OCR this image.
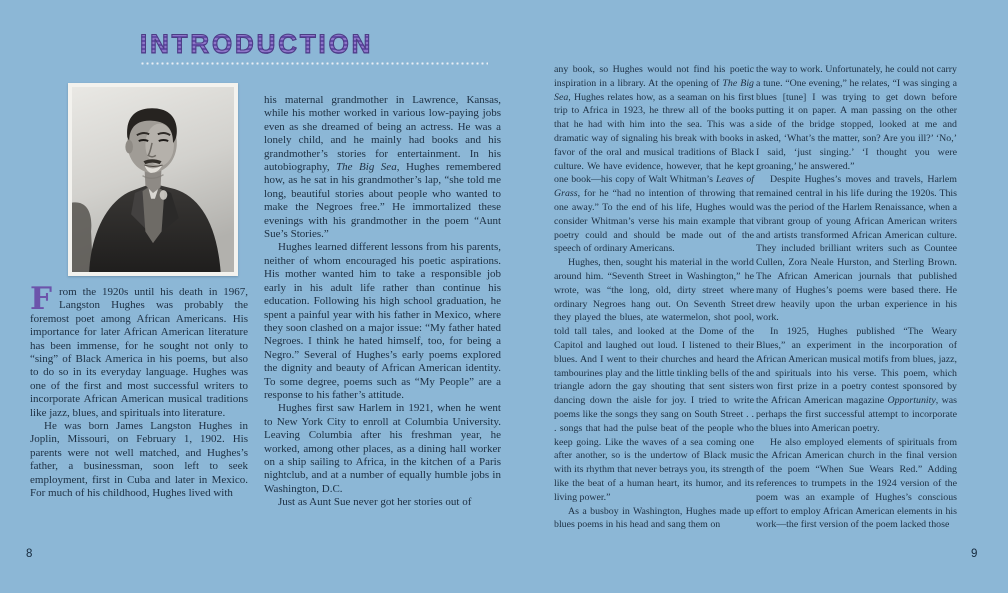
INTRODUCTION

From the 1920s until his death in 1967, Langston Hughes was probably the foremost poet among African Americans. His importance for later African American literature has been immense, for he sought not only to “sing” of Black America in his poems, but also to do so in its everyday language. Hughes was one of the first and most successful writers to incorporate African American musical traditions like jazz, blues, and spirituals into literature.

He was born James Langston Hughes in Joplin, Missouri, on February 1, 1902. His parents were not well matched, and Hughes’s father, a businessman, soon left to seek employment, first in Cuba and later in Mexico. For much of his childhood, Hughes lived with

his maternal grandmother in Lawrence, Kansas, while his mother worked in various low-paying jobs even as she dreamed of being an actress. He was a lonely child, and he mainly had books and his grandmother’s stories for entertainment. In his autobiography, The Big Sea, Hughes remembered how, as he sat in his grandmother’s lap, “she told me long, beautiful stories about people who wanted to make the Negroes free.” He immortalized these evenings with his grandmother in the poem “Aunt Sue’s Stories.”

Hughes learned different lessons from his parents, neither of whom encouraged his poetic aspirations. His mother wanted him to take a responsible job early in his adult life rather than continue his education. Following his high school graduation, he spent a painful year with his father in Mexico, where they soon clashed on a major issue: “My father hated Negroes. I think he hated himself, too, for being a Negro.” Several of Hughes’s early poems explored the dignity and beauty of African American identity. To some degree, poems such as “My People” are a response to his father’s attitude.

Hughes first saw Harlem in 1921, when he went to New York City to enroll at Columbia University. Leaving Columbia after his freshman year, he worked, among other places, as a dining hall worker on a ship sailing to Africa, in the kitchen of a Paris nightclub, and at a number of equally humble jobs in Washington, D.C.

Just as Aunt Sue never got her stories out of

any book, so Hughes would not find his poetic inspiration in a library. At the opening of The Big Sea, Hughes relates how, as a seaman on his first trip to Africa in 1923, he threw all of the books that he had with him into the sea. This was a dramatic way of signaling his break with books in favor of the oral and musical traditions of Black culture. We have evidence, however, that he kept one book—his copy of Walt Whitman’s Leaves of Grass, for he “had no intention of throwing that one away.” To the end of his life, Hughes would consider Whitman’s verse his main example that poetry could and should be made out of the speech of ordinary Americans.

Hughes, then, sought his material in the world around him. “Seventh Street in Washington,” he wrote, was “the long, old, dirty street where ordinary Negroes hang out. On Seventh Street they played the blues, ate watermelon, shot pool, told tall tales, and looked at the Dome of the Capitol and laughed out loud. I listened to their blues. And I went to their churches and heard the tambourines play and the little tinkling bells of the triangle adorn the gay shouting that sent sisters dancing down the aisle for joy. I tried to write poems like the songs they sang on South Street . . . songs that had the pulse beat of the people who keep going. Like the waves of a sea coming one after another, so is the undertow of Black music with its rhythm that never betrays you, its strength like the beat of a human heart, its humor, and its living power.”

As a busboy in Washington, Hughes made up blues poems in his head and sang them on

the way to work. Unfortunately, he could not carry a tune. “One evening,” he relates, “I was singing a blues [tune] I was trying to get down before putting it on paper. A man passing on the other side of the bridge stopped, looked at me and asked, ‘What’s the matter, son? Are you ill?’ ‘No,’ I said, ‘just singing.’ ‘I thought you were groaning,’ he answered.”

Despite Hughes’s moves and travels, Harlem remained central in his life during the 1920s. This was the period of the Harlem Renaissance, when a vibrant group of young African American writers and artists transformed African American culture. They included brilliant writers such as Countee Cullen, Zora Neale Hurston, and Sterling Brown. The African American journals that published many of Hughes’s poems were based there. He drew heavily upon the urban experience in his work.

In 1925, Hughes published “The Weary Blues,” an experiment in the incorporation of African American musical motifs from blues, jazz, and spirituals into his verse. This poem, which won first prize in a poetry contest sponsored by the African American magazine Opportunity, was perhaps the first successful attempt to incorporate the blues into American poetry.

He also employed elements of spirituals from the African American church in the final version of the poem “When Sue Wears Red.” Adding references to trumpets in the 1924 version of the poem was an example of Hughes’s conscious effort to employ African American elements in his work—the first version of the poem lacked those

8	9
